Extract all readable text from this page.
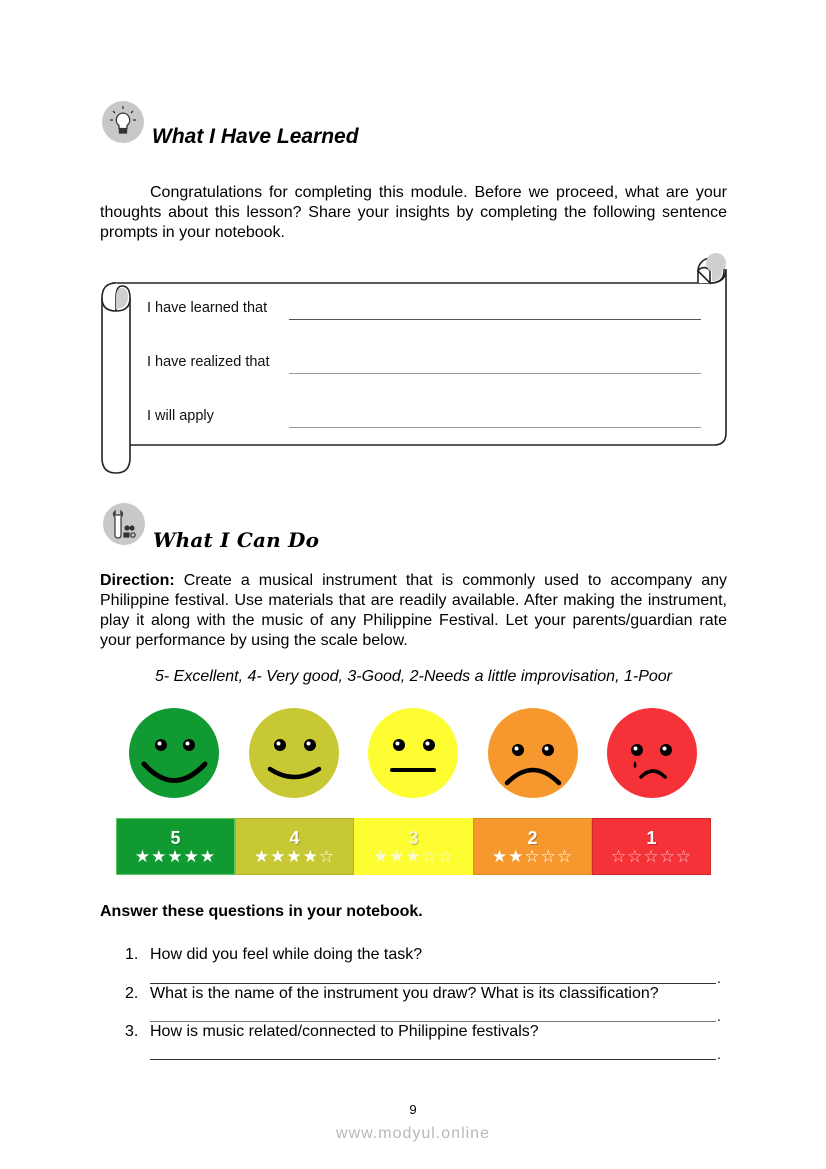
What I Have Learned

Congratulations for completing this module. Before we proceed, what are your thoughts about this lesson? Share your insights by completing the following sentence prompts in your notebook.

I have learned that
I have realized that
I will apply
What I Can Do

Direction: Create a musical instrument that is commonly used to accompany any Philippine festival. Use materials that are readily available. After making the instrument, play it along with the music of any Philippine Festival. Let your parents/guardian rate your performance by using the scale below.

5- Excellent, 4- Very good, 3-Good, 2-Needs a little improvisation, 1-Poor
5
★★★★★
4
★★★★☆
3
★★★☆☆
2
★★☆☆☆
1
☆☆☆☆☆
Answer these questions in your notebook.
1. How did you feel while doing the task?
.
2. What is the name of the instrument you draw? What is its classification?
.
3. How is music related/connected to Philippine festivals?
.
9
www.modyul.online
